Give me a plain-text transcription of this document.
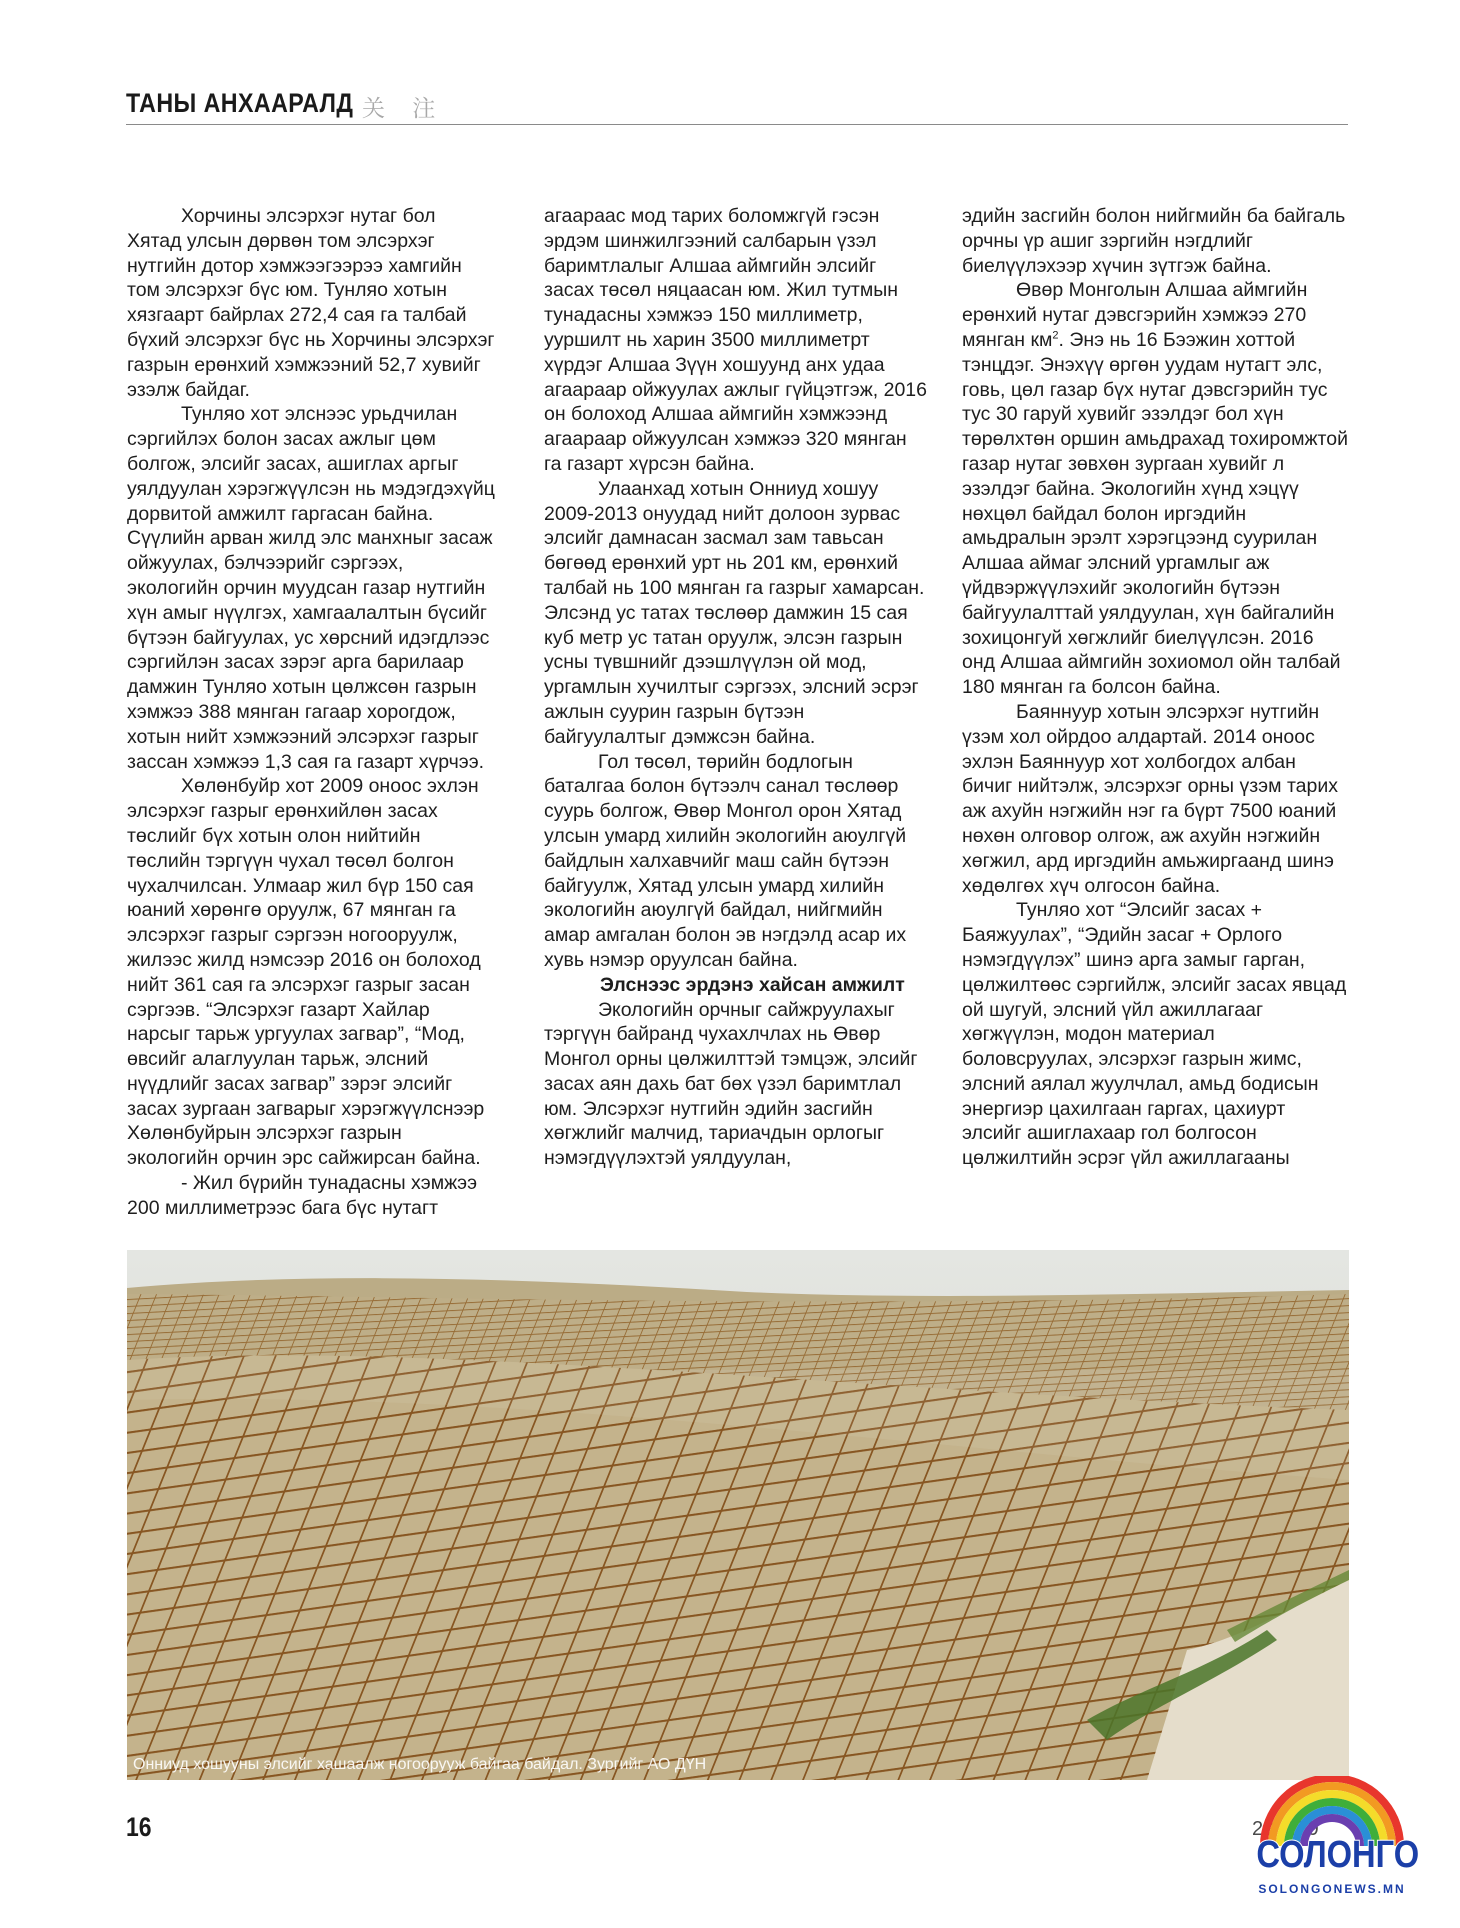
ТАНЫ АНХААРАЛД 关 注

Хорчины элсэрхэг нутаг бол Хятад улсын дөрвөн том элсэрхэг нутгийн дотор хэмжээгээрээ хамгийн том элсэрхэг бүс юм. Тунляо хотын хязгаарт байрлах 272,4 сая га талбай бүхий элсэрхэг бүс нь Хорчины элсэрхэг газрын ерөнхий хэмжээний 52,7 хувийг эзэлж байдаг.

Тунляо хот элснээс урьдчилан сэргийлэх болон засах ажлыг цөм болгож, элсийг засах, ашиглах аргыг уялдуулан хэрэгжүүлсэн нь мэдэгдэхүйц дорвитой амжилт гаргасан байна. Сүүлийн арван жилд элс манхныг засаж ойжуулах, бэлчээрийг сэргээх, экологийн орчин муудсан газар нутгийн хүн амыг нүүлгэх, хамгаалалтын бүсийг бүтээн байгуулах, ус хөрсний идэгдлээс сэргийлэн засах зэрэг арга барилаар дамжин Тунляо хотын цөлжсөн газрын хэмжээ 388 мянган гагаар хорогдож, хотын нийт хэмжээний элсэрхэг газрыг зассан хэмжээ 1,3 сая га газарт хүрчээ.

Хөлөнбуйр хот 2009 оноос эхлэн элсэрхэг газрыг ерөнхийлөн засах төслийг бүх хотын олон нийтийн төслийн тэргүүн чухал төсөл болгон чухалчилсан. Улмаар жил бүр 150 сая юаний хөрөнгө оруулж, 67 мянган га элсэрхэг газрыг сэргээн ногооруулж, жилээс жилд нэмсээр 2016 он болоход нийт 361 сая га элсэрхэг газрыг засан сэргээв. “Элсэрхэг газарт Хайлар нарсыг тарьж ургуулах загвар”, “Мод, өвсийг алаглуулан тарьж, элсний нүүдлийг засах загвар” зэрэг элсийг засах зургаан загварыг хэрэгжүүлснээр Хөлөнбуйрын элсэрхэг газрын экологийн орчин эрс сайжирсан байна.

- Жил бүрийн тунадасны хэмжээ 200 миллиметрээс бага бүс нутагт

агаараас мод тарих боломжгүй гэсэн эрдэм шинжилгээний салбарын үзэл баримтлалыг Алшаа аймгийн элсийг засах төсөл няцаасан юм. Жил тутмын тунадасны хэмжээ 150 миллиметр, ууршилт нь харин 3500 миллиметрт хүрдэг Алшаа Зүүн хошуунд анх удаа агаараар ойжуулах ажлыг гүйцэтгэж, 2016 он болоход Алшаа аймгийн хэмжээнд агаараар ойжуулсан хэмжээ 320 мянган га газарт хүрсэн байна.

Улаанхад хотын Онниуд хошуу 2009-2013 онуудад нийт долоон зурвас элсийг дамнасан засмал зам тавьсан бөгөөд ерөнхий урт нь 201 км, ерөнхий талбай нь 100 мянган га газрыг хамарсан. Элсэнд ус татах төслөөр дамжин 15 сая куб метр ус татан оруулж, элсэн газрын усны түвшнийг дээшлүүлэн ой мод, ургамлын хучилтыг сэргээх, элсний эсрэг ажлын суурин газрын бүтээн байгуулалтыг дэмжсэн байна.

Гол төсөл, төрийн бодлогын баталгаа болон бүтээлч санал төслөөр суурь болгож, Өвөр Монгол орон Хятад улсын умард хилийн экологийн аюулгүй байдлын халхавчийг маш сайн бүтээн байгуулж, Хятад улсын умард хилийн экологийн аюулгүй байдал, нийгмийн амар амгалан болон эв нэгдэлд асар их хувь нэмэр оруулсан байна.

Элснээс эрдэнэ хайсан амжилт

Экологийн орчныг сайжруулахыг тэргүүн байранд чухахлчлах нь Өвөр Монгол орны цөлжилттэй тэмцэж, элсийг засах аян дахь бат бөх үзэл баримтлал юм. Элсэрхэг нутгийн эдийн засгийн хөгжлийг малчид, тариачдын орлогыг нэмэгдүүлэхтэй уялдуулан,

эдийн засгийн болон нийгмийн ба байгаль орчны үр ашиг зэргийн нэгдлийг биелүүлэхээр хүчин зүтгэж байна.

Өвөр Монголын Алшаа аймгийн ерөнхий нутаг дэвсгэрийн хэмжээ 270 мянган $км^2$. Энэ нь 16 Бээжин хоттой тэнцдэг. Энэхүү өргөн уудам нутагт элс, говь, цөл газар бүх нутаг дэвсгэрийн тус тус 30 гаруй хувийг эзэлдэг бол хүн төрөлхтөн оршин амьдрахад тохиромжтой газар нутаг зөвхөн зургаан хувийг л эзэлдэг байна. Экологийн хүнд хэцүү нөхцөл байдал болон иргэдийн амьдралын эрэлт хэрэгцээнд суурилан Алшаа аймаг элсний ургамлыг аж үйдвэржүүлэхийг экологийн бүтээн байгуулалттай уялдуулан, хүн байгалийн зохицонгуй хөгжлийг биелүүлсэн. 2016 онд Алшаа аймгийн зохиомол ойн талбай 180 мянган га болсон байна.

Баяннуур хотын элсэрхэг нутгийн үзэм хол ойрдоо алдартай. 2014 оноос эхлэн Баяннуур хот холбогдох албан бичиг нийтэлж, элсэрхэг орны үзэм тарих аж ахуйн нэгжийн нэг га бүрт 7500 юаний нөхөн олговор олгож, аж ахуйн нэгжийн хөгжил, ард иргэдийн амьжиргаанд шинэ хөдөлгөх хүч олгосон байна.

Тунляо хот “Элсийг засах + Баяжуулах”, “Эдийн засаг + Орлого нэмэгдүүлэх” шинэ арга замыг гарган, цөлжилтөөс сэргийлж, элсийг засах явцад ой шугуй, элсний үйл ажиллагааг хөгжүүлэн, модон материал боловсруулах, элсэрхэг газрын жимс, элсний аялал жуулчлал, амьд бодисын энергиэр цахилгаан гаргах, цахиурт элсийг ашиглахаар гол болгосон цөлжилтийн эсрэг үйл ажиллагааны

Онниуд хошууны элсийг хашаалж ногоорууж байгаа байдал. Зургийг АО ДҮН
16	20 /279
СОЛОНГО
SOLONGONEWS.MN
